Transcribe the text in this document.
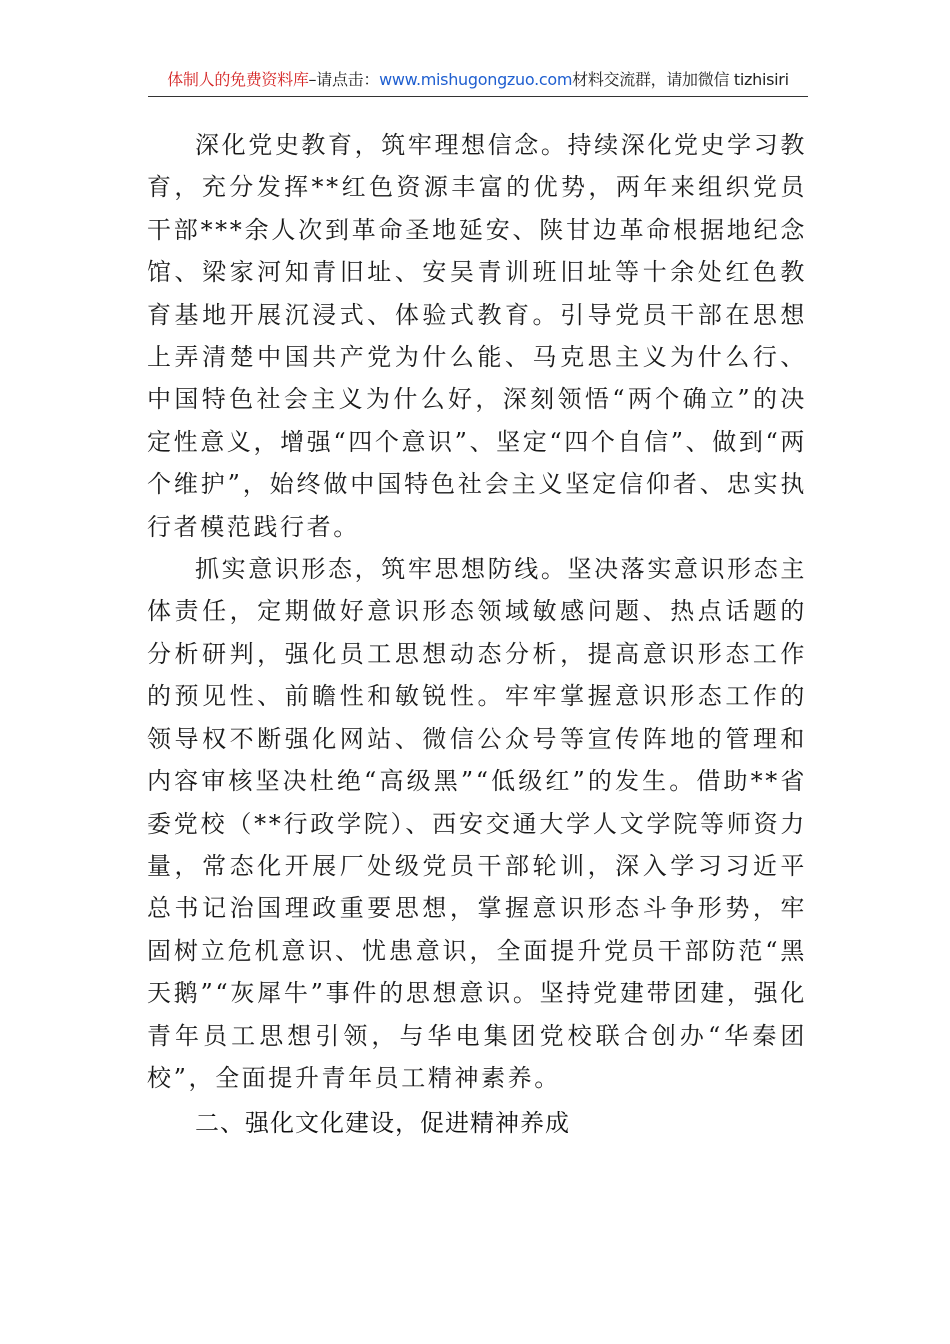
体制人的免费资料库–请点击：www.mishugongzuo.com材料交流群，请加微信 tizhisiri

深化党史教育，筑牢理想信念。持续深化党史学习教育，充分发挥**红色资源丰富的优势，两年来组织党员干部***余人次到革命圣地延安、陕甘边革命根据地纪念馆、梁家河知青旧址、安吴青训班旧址等十余处红色教育基地开展沉浸式、体验式教育。引导党员干部在思想上弄清楚中国共产党为什么能、马克思主义为什么行、中国特色社会主义为什么好，深刻领悟“两个确立”的决定性意义，增强“四个意识”、坚定“四个自信”、做到“两个维护”，始终做中国特色社会主义坚定信仰者、忠实执行者模范践行者。

抓实意识形态，筑牢思想防线。坚决落实意识形态主体责任，定期做好意识形态领域敏感问题、热点话题的分析研判，强化员工思想动态分析，提高意识形态工作的预见性、前瞻性和敏锐性。牢牢掌握意识形态工作的领导权不断强化网站、微信公众号等宣传阵地的管理和内容审核坚决杜绝“高级黑”“低级红”的发生。借助**省委党校（**行政学院）、西安交通大学人文学院等师资力量，常态化开展厂处级党员干部轮训，深入学习习近平总书记治国理政重要思想，掌握意识形态斗争形势，牢固树立危机意识、忧患意识，全面提升党员干部防范“黑天鹅”“灰犀牛”事件的思想意识。坚持党建带团建，强化青年员工思想引领，与华电集团党校联合创办“华秦团校”，全面提升青年员工精神素养。

二、强化文化建设，促进精神养成
